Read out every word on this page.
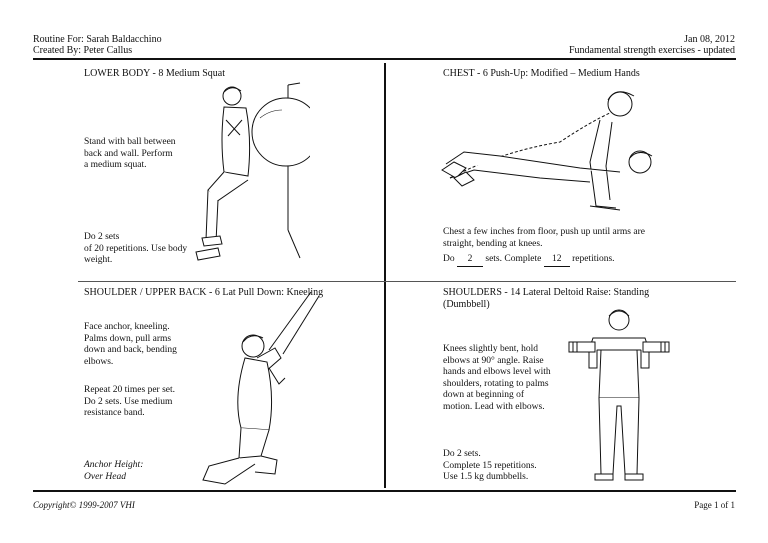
Routine For: Sarah Baldacchino
Created By: Peter Callus
Jan 08, 2012
Fundamental strength exercises - updated
LOWER BODY - 8 Medium Squat
Stand with ball between
back and wall. Perform
a medium squat.
Do 2 sets
of 20 repetitions. Use body
weight.
CHEST - 6 Push-Up: Modified – Medium Hands
Chest a few inches from floor, push up until arms are
straight, bending at knees.
Do 2 sets. Complete 12 repetitions.
SHOULDER / UPPER BACK - 6 Lat Pull Down: Kneeling
Face anchor, kneeling.
Palms down, pull arms
down and back, bending
elbows.
Repeat 20 times per set.
Do 2 sets. Use medium
resistance band.
Anchor Height:
Over Head
SHOULDERS - 14 Lateral Deltoid Raise: Standing
(Dumbbell)
Knees slightly bent, hold
elbows at 90° angle. Raise
hands and elbows level with
shoulders, rotating to palms
down at beginning of
motion. Lead with elbows.
Do 2 sets.
Complete 15 repetitions.
Use 1.5 kg dumbbells.
Copyright© 1999-2007 VHI	Page 1 of 1
